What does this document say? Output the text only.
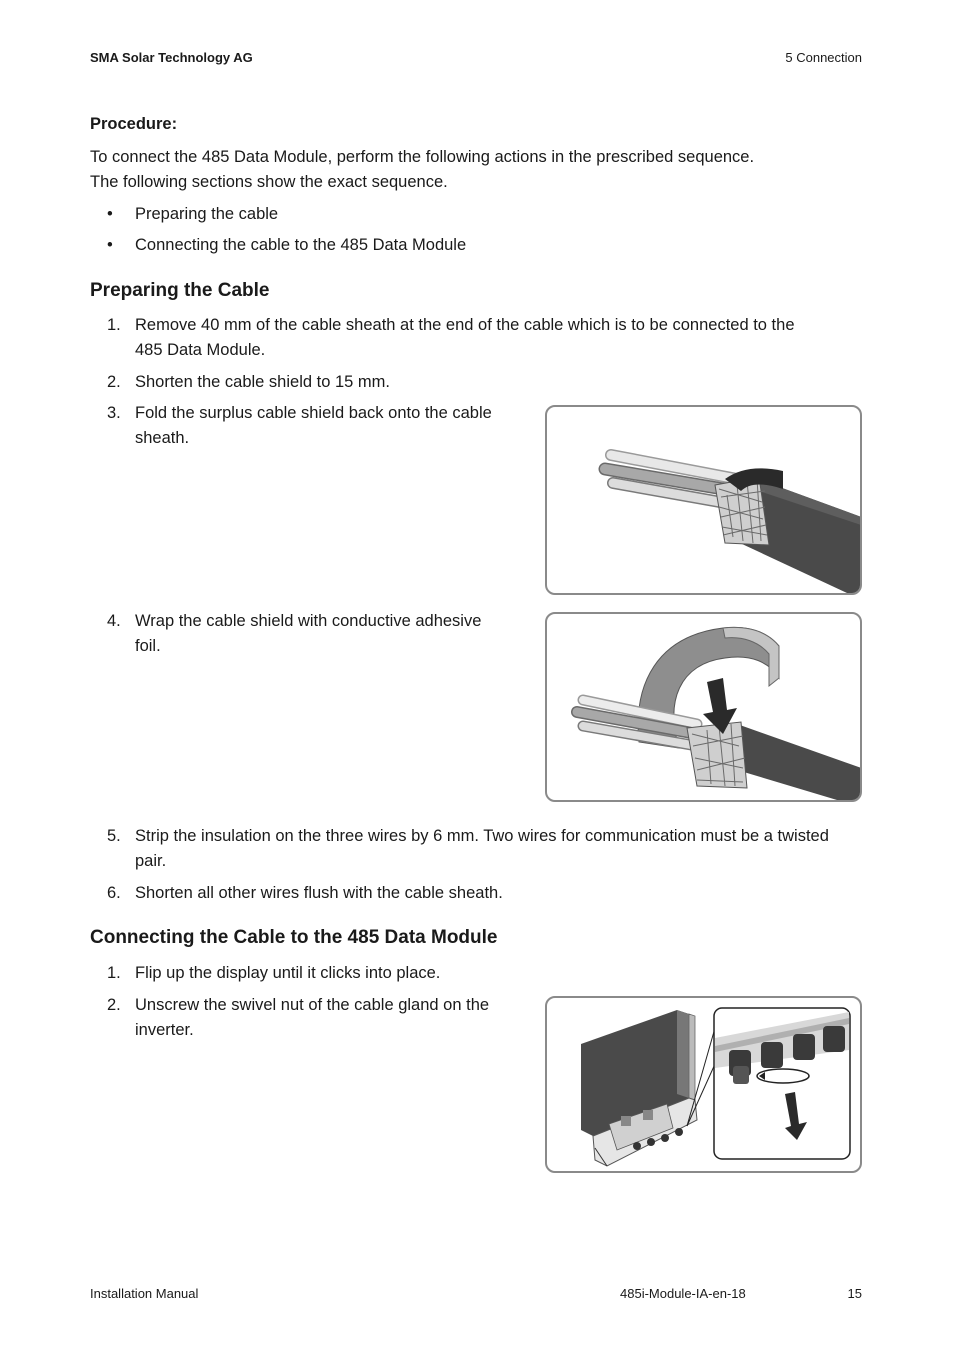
SMA Solar Technology AG	5 Connection
Procedure:
To connect the 485 Data Module, perform the following actions in the prescribed sequence.
The following sections show the exact sequence.
• Preparing the cable
• Connecting the cable to the 485 Data Module
Preparing the Cable
1. Remove 40 mm of the cable sheath at the end of the cable which is to be connected to the
485 Data Module.
2. Shorten the cable shield to 15 mm.
3. Fold the surplus cable shield back onto the cable
sheath.
4. Wrap the cable shield with conductive adhesive
foil.
5. Strip the insulation on the three wires by 6 mm. Two wires for communication must be a twisted
pair.
6. Shorten all other wires flush with the cable sheath.
Connecting the Cable to the 485 Data Module
1. Flip up the display until it clicks into place.
2. Unscrew the swivel nut of the cable gland on the
inverter.
Installation Manual	485i-Module-IA-en-18	15
